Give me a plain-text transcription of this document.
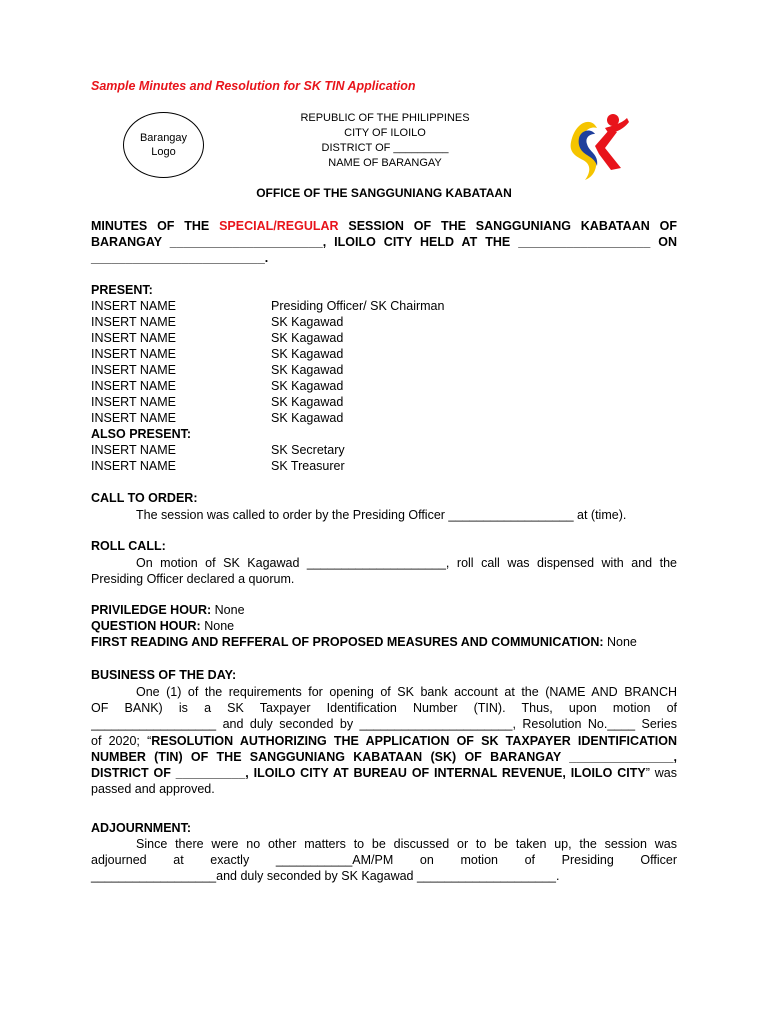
Sample Minutes and Resolution for SK TIN Application
Barangay
Logo
REPUBLIC OF THE PHILIPPINES
CITY OF ILOILO
DISTRICT OF _________
NAME OF BARANGAY
OFFICE OF THE SANGGUNIANG KABATAAN
MINUTES OF THE SPECIAL/REGULAR SESSION OF THE SANGGUNIANG KABATAAN OF
BARANGAY ______________________, ILOILO CITY HELD AT THE ___________________ ON
_________________________.
PRESENT:
INSERT NAME	Presiding Officer/ SK Chairman
INSERT NAME	SK Kagawad
INSERT NAME	SK Kagawad
INSERT NAME	SK Kagawad
INSERT NAME	SK Kagawad
INSERT NAME	SK Kagawad
INSERT NAME	SK Kagawad
INSERT NAME	SK Kagawad
ALSO PRESENT:
INSERT NAME	SK Secretary
INSERT NAME	SK Treasurer
CALL TO ORDER:
The session was called to order by the Presiding Officer __________________ at (time).
ROLL CALL:
On motion of SK Kagawad ____________________, roll call was dispensed with and the
Presiding Officer declared a quorum.
PRIVILEDGE HOUR: None
QUESTION HOUR: None
FIRST READING AND REFFERAL OF PROPOSED MEASURES AND COMMUNICATION: None
BUSINESS OF THE DAY:
One (1) of the requirements for opening of SK bank account at the (NAME AND BRANCH
OF BANK) is a SK Taxpayer Identification Number (TIN). Thus, upon motion of
__________________ and duly seconded by ______________________, Resolution No.____ Series
of 2020; “RESOLUTION AUTHORIZING THE APPLICATION OF SK TAXPAYER IDENTIFICATION
NUMBER (TIN) OF THE SANGGUNIANG KABATAAN (SK) OF BARANGAY _______________,
DISTRICT OF __________, ILOILO CITY AT BUREAU OF INTERNAL REVENUE, ILOILO CITY” was
passed and approved.
ADJOURNMENT:
Since there were no other matters to be discussed or to be taken up, the session was
adjourned at exactly ___________AM/PM on motion of Presiding Officer
__________________and duly seconded by SK Kagawad ____________________.
